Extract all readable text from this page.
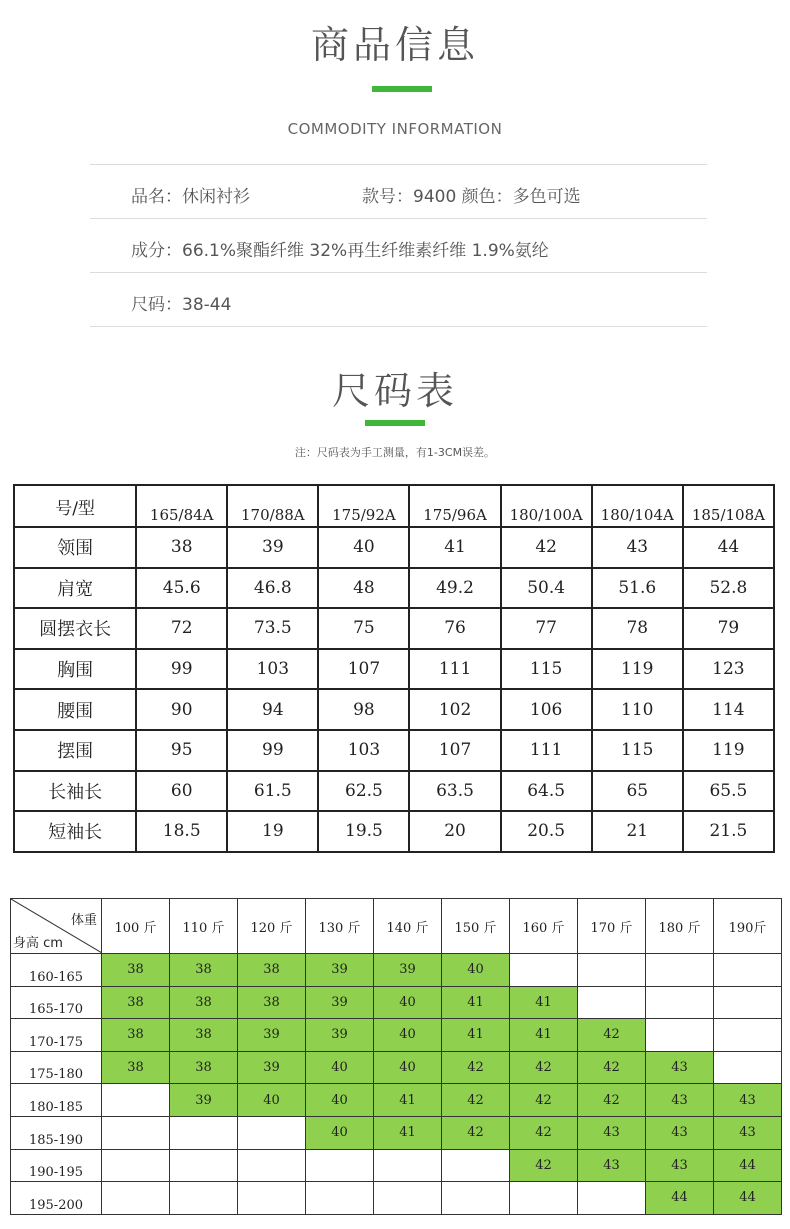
商品信息
COMMODITY INFORMATION
品名：休闲衬衫	款号：9400 颜色：多色可选
成分：66.1%聚酯纤维 32%再生纤维素纤维 1.9%氨纶
尺码：38-44
尺码表
注：尺码表为手工测量，有1-3CM误差。
号/型	165/84A	170/88A	175/92A	175/96A	180/100A	180/104A	185/108A
领围	38	39	40	41	42	43	44
肩宽	45.6	46.8	48	49.2	50.4	51.6	52.8
圆摆衣长	72	73.5	75	76	77	78	79
胸围	99	103	107	111	115	119	123
腰围	90	94	98	102	106	110	114
摆围	95	99	103	107	111	115	119
长袖长	60	61.5	62.5	63.5	64.5	65	65.5
短袖长	18.5	19	19.5	20	20.5	21	21.5
体重
身高 cm	100 斤	110 斤	120 斤	130 斤	140 斤	150 斤	160 斤	170 斤	180 斤	190斤
160-165	38	38	38	39	39	40				
165-170	38	38	38	39	40	41	41			
170-175	38	38	39	39	40	41	41	42		
175-180	38	38	39	40	40	42	42	42	43	
180-185		39	40	40	41	42	42	42	43	43
185-190				40	41	42	42	43	43	43
190-195							42	43	43	44
195-200									44	44
